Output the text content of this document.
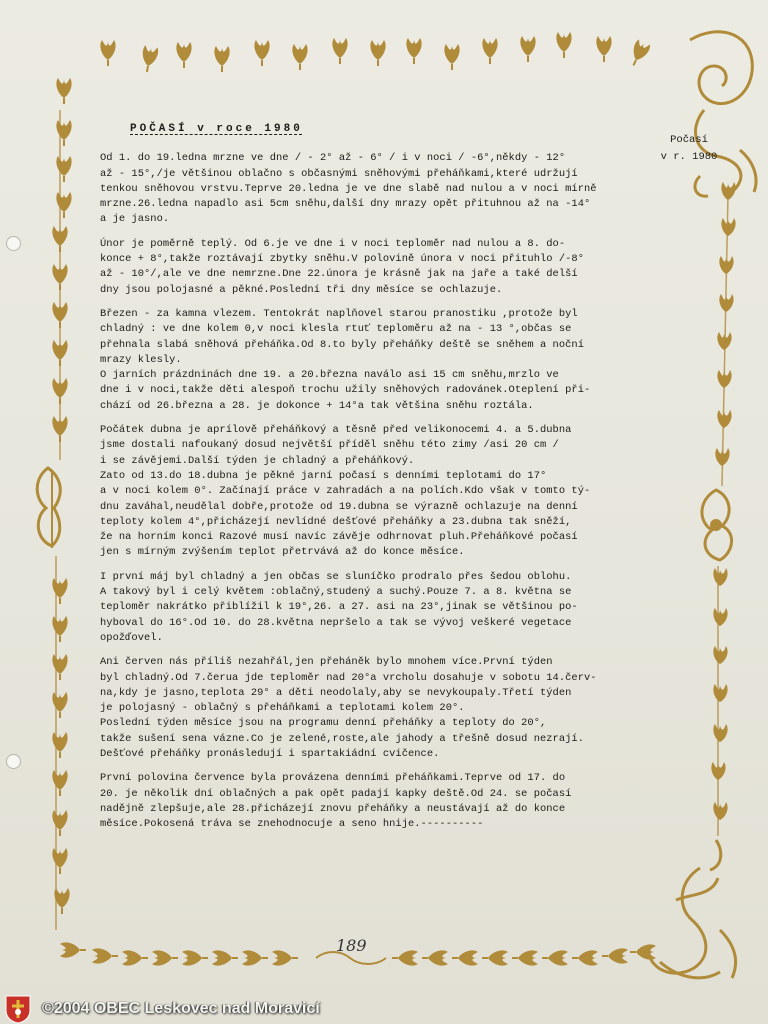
Počasí
v r. 1980
POČASÍ v roce 1980
Od 1. do 19.ledna mrzne ve dne / - 2° až - 6° / i v noci / -6°,někdy - 12°
až - 15°,/je většinou oblačno s občasnými sněhovými přeháňkami,které udržují
tenkou sněhovou vrstvu.Teprve 20.ledna je ve dne slabě nad nulou a v noci mírně
mrzne.26.ledna napadlo asi 5cm sněhu,další dny mrazy opět přituhnou až na -14°
a je jasno.
Únor je poměrně teplý. Od 6.je ve dne i v noci teploměr nad nulou a 8. do-
konce + 8°,takže roztávají zbytky sněhu.V polovině února v noci přituhlo /-8°
až - 10°/,ale ve dne nemrzne.Dne 22.února je krásně jak na jaře a také delší
dny jsou polojasné a pěkné.Poslední tři dny měsíce se ochlazuje.
Březen - za kamna vlezem. Tentokrát naplňovel starou pranostiku ,protože byl
chladný : ve dne kolem 0,v noci klesla rtuť teploměru až na - 13 °,občas se
přehnala slabá sněhová přeháňka.Od 8.to byly přeháňky deště se sněhem a noční
mrazy klesly.
O jarních prázdninách dne 19. a 20.března naválo asi 15 cm sněhu,mrzlo ve
dne i v noci,takže děti alespoň trochu užily sněhových radovánek.Oteplení při-
chází od 26.března a 28. je dokonce + 14°a tak většina sněhu roztála.
Počátek dubna je aprílově přeháňkový a těsně před velikonocemi 4. a 5.dubna
jsme dostali nafoukaný dosud největší příděl sněhu této zimy /asi 20 cm /
i se závějemi.Další týden je chladný a přeháňkový.
Zato od 13.do 18.dubna je pěkné jarní počasí s denními teplotami do 17°
a v noci kolem 0°. Začínají práce v zahradách a na polích.Kdo však v tomto tý-
dnu zaváhal,neudělal dobře,protože od 19.dubna se výrazně ochlazuje na denní
teploty kolem 4°,přicházejí nevlídné dešťové přeháňky a 23.dubna tak sněží,
že na horním konci Razové musí navíc závěje odhrnovat pluh.Přeháňkové počasí
jen s mírným zvýšením teplot přetrvává až do konce měsíce.
I první máj byl chladný a jen občas se sluníčko prodralo přes šedou oblohu.
A takový byl i celý květem :oblačný,studený a suchý.Pouze 7. a 8. května se
teploměr nakrátko přiblížil k 19°,26. a 27. asi na 23°,jinak se většinou po-
hyboval do 16°.Od 10. do 28.května nepršelo a tak se vývoj veškeré vegetace
opožďovel.
Ani červen nás příliš nezahřál,jen přeháněk bylo mnohem více.První týden
byl chladný.Od 7.čerua jde teploměr nad 20°a vrcholu dosahuje v sobotu 14.červ-
na,kdy je jasno,teplota 29° a děti neodolaly,aby se nevykoupaly.Třetí týden
je polojasný - oblačný s přeháňkami a teplotami kolem 20°.
Poslední týden měsíce jsou na programu denní přeháňky a teploty do 20°,
takže sušení sena vázne.Co je zelené,roste,ale jahody a třešně dosud nezrají.
Dešťové přeháňky pronásledují i spartakiádní cvičence.
První polovina července byla provázena denními přeháňkami.Teprve od 17. do
20. je několik dní oblačných a pak opět padají kapky deště.Od 24. se počasí
nadějně zlepšuje,ale 28.přicházejí znovu přeháňky a neustávají až do konce
měsíce.Pokosená tráva se znehodnocuje a seno hnije.----------
189
©2004 OBEC Leskovec nad Moravicí
